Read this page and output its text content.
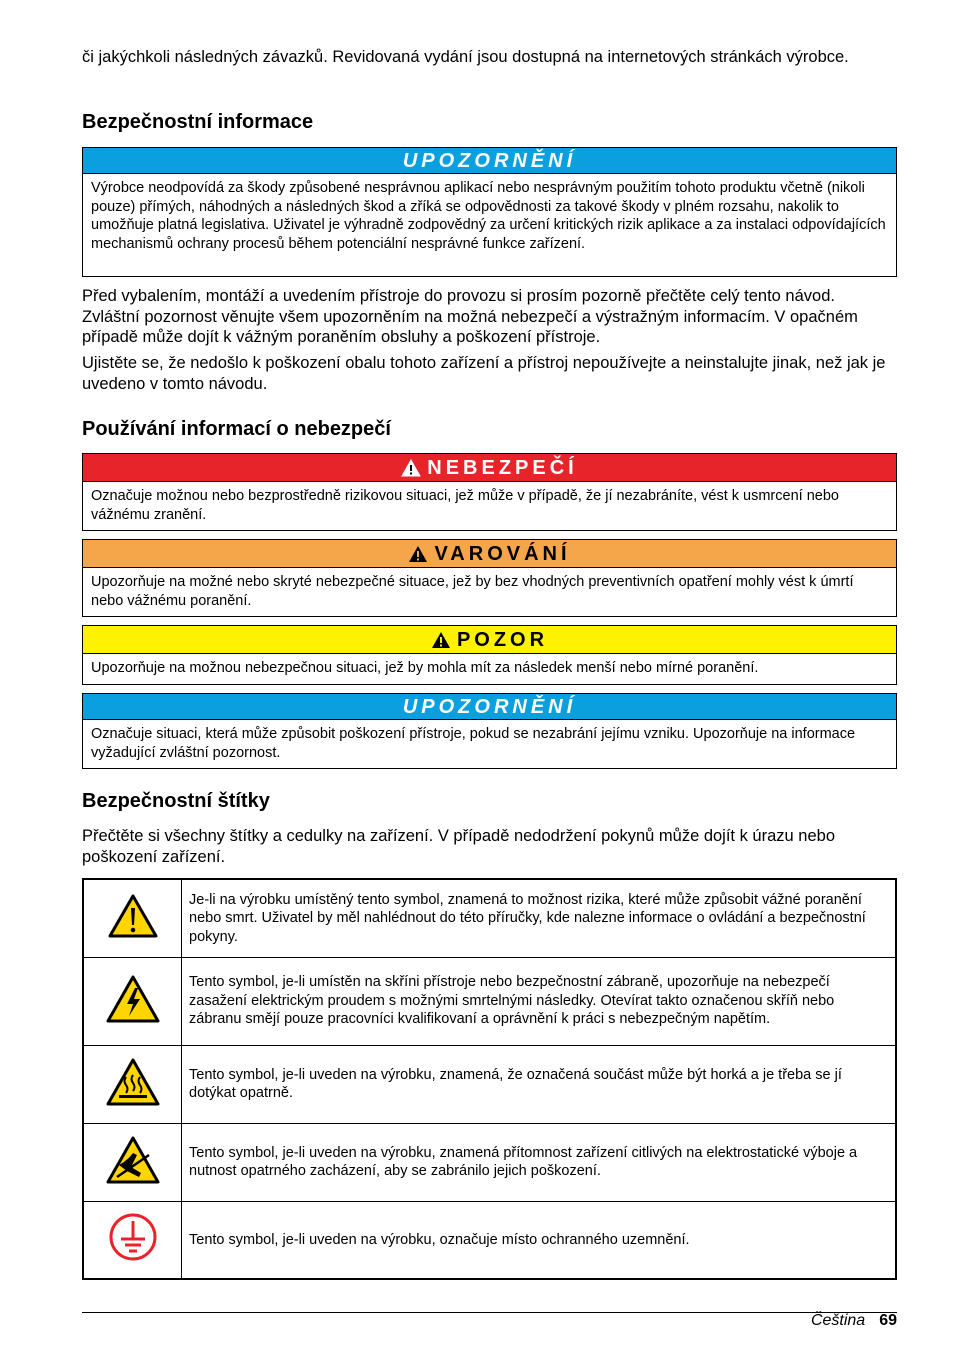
či jakýchkoli následných závazků. Revidovaná vydání jsou dostupná na internetových stránkách výrobce.

Bezpečnostní informace
UPOZORNĚNÍ
Výrobce neodpovídá za škody způsobené nesprávnou aplikací nebo nesprávným použitím tohoto produktu včetně (nikoli pouze) přímých, náhodných a následných škod a zříká se odpovědnosti za takové škody v plném rozsahu, nakolik to umožňuje platná legislativa. Uživatel je výhradně zodpovědný za určení kritických rizik aplikace a za instalaci odpovídajících mechanismů ochrany procesů během potenciální nesprávné funkce zařízení.

Před vybalením, montáží a uvedením přístroje do provozu si prosím pozorně přečtěte celý tento návod. Zvláštní pozornost věnujte všem upozorněním na možná nebezpečí a výstražným informacím. V opačném případě může dojít k vážným poraněním obsluhy a poškození přístroje.

Ujistěte se, že nedošlo k poškození obalu tohoto zařízení a přístroj nepoužívejte a neinstalujte jinak, než jak je uvedeno v tomto návodu.

Používání informací o nebezpečí
NEBEZPEČÍ
Označuje možnou nebo bezprostředně rizikovou situaci, jež může v případě, že jí nezabráníte, vést k usmrcení nebo vážnému zranění.
VAROVÁNÍ
Upozorňuje na možné nebo skryté nebezpečné situace, jež by bez vhodných preventivních opatření mohly vést k úmrtí nebo vážnému poranění.
POZOR
Upozorňuje na možnou nebezpečnou situaci, jež by mohla mít za následek menší nebo mírné poranění.
UPOZORNĚNÍ
Označuje situaci, která může způsobit poškození přístroje, pokud se nezabrání jejímu vzniku. Upozorňuje na informace vyžadující zvláštní pozornost.
Bezpečnostní štítky

Přečtěte si všechny štítky a cedulky na zařízení. V případě nedodržení pokynů může dojít k úrazu nebo poškození zařízení.

	Je-li na výrobku umístěný tento symbol, znamená to možnost rizika, které může způsobit vážné poranění nebo smrt. Uživatel by měl nahlédnout do této příručky, kde nalezne informace o ovládání a bezpečnostní pokyny.
	Tento symbol, je-li umístěn na skříni přístroje nebo bezpečnostní zábraně, upozorňuje na nebezpečí zasažení elektrickým proudem s možnými smrtelnými následky. Otevírat takto označenou skříň nebo zábranu smějí pouze pracovníci kvalifikovaní a oprávnění k práci s nebezpečným napětím.
	Tento symbol, je-li uveden na výrobku, znamená, že označená součást může být horká a je třeba se jí dotýkat opatrně.
	Tento symbol, je-li uveden na výrobku, znamená přítomnost zařízení citlivých na elektrostatické výboje a nutnost opatrného zacházení, aby se zabránilo jejich poškození.
	Tento symbol, je-li uveden na výrobku, označuje místo ochranného uzemnění.
Čeština 69
